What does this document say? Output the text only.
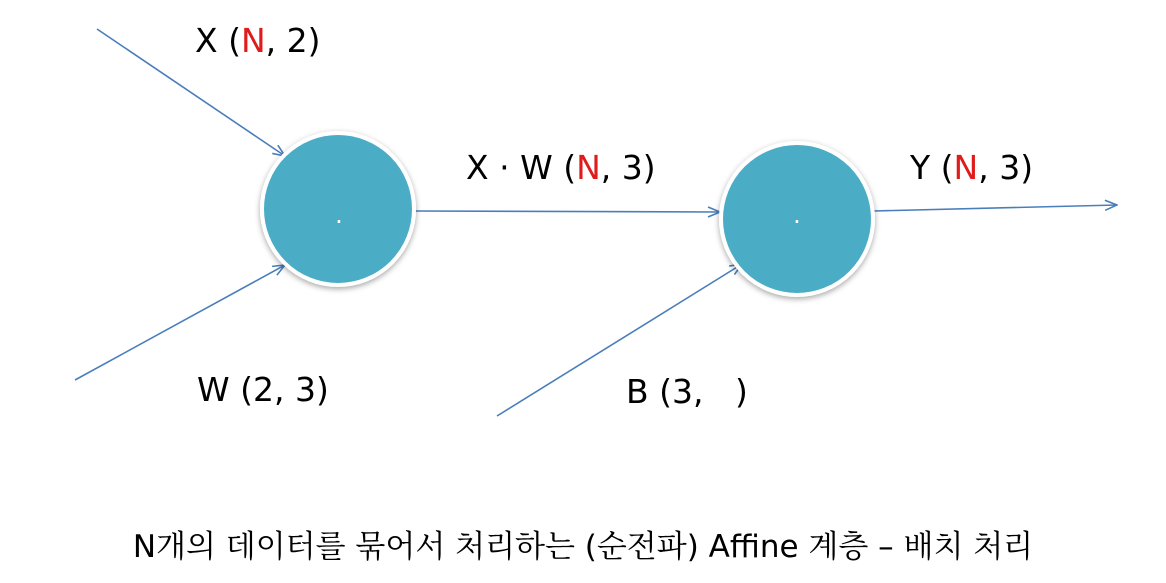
·	·
X (N, 2)
X · W (N, 3)	Y (N, 3)
W (2, 3)	B (3,   )
N개의 데이터를 묶어서 처리하는 (순전파) Affine 계층 – 배치 처리
